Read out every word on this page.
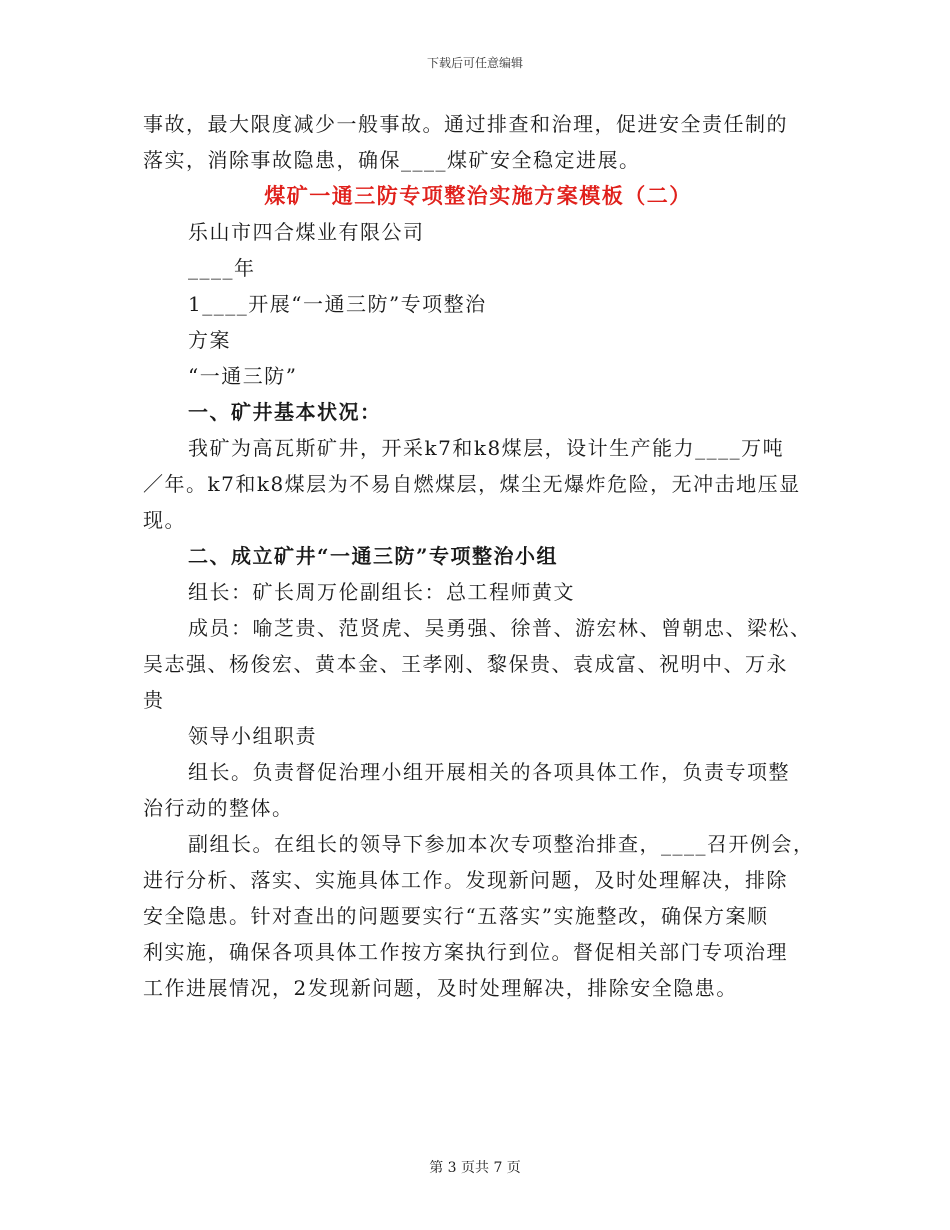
下载后可任意编辑

事故，最大限度减少一般事故。通过排查和治理，促进安全责任制的

落实，消除事故隐患，确保____煤矿安全稳定进展。

煤矿一通三防专项整治实施方案模板（二）

乐山市四合煤业有限公司

____年

1____开展“一通三防”专项整治

方案

“一通三防”

一、矿井基本状况：

我矿为高瓦斯矿井，开采k7和k8煤层，设计生产能力____万吨

／年。k7和k8煤层为不易自燃煤层，煤尘无爆炸危险，无冲击地压显

现。

二、成立矿井“一通三防”专项整治小组

组长：矿长周万伦副组长：总工程师黄文

成员：喻芝贵、范贤虎、吴勇强、徐普、游宏林、曾朝忠、梁松、

吴志强、杨俊宏、黄本金、王孝刚、黎保贵、袁成富、祝明中、万永

贵

领导小组职责

组长。负责督促治理小组开展相关的各项具体工作，负责专项整

治行动的整体。

副组长。在组长的领导下参加本次专项整治排查，____召开例会，

进行分析、落实、实施具体工作。发现新问题，及时处理解决，排除

安全隐患。针对查出的问题要实行“五落实”实施整改，确保方案顺

利实施，确保各项具体工作按方案执行到位。督促相关部门专项治理

工作进展情况，2发现新问题，及时处理解决，排除安全隐患。

第 3 页共 7 页
